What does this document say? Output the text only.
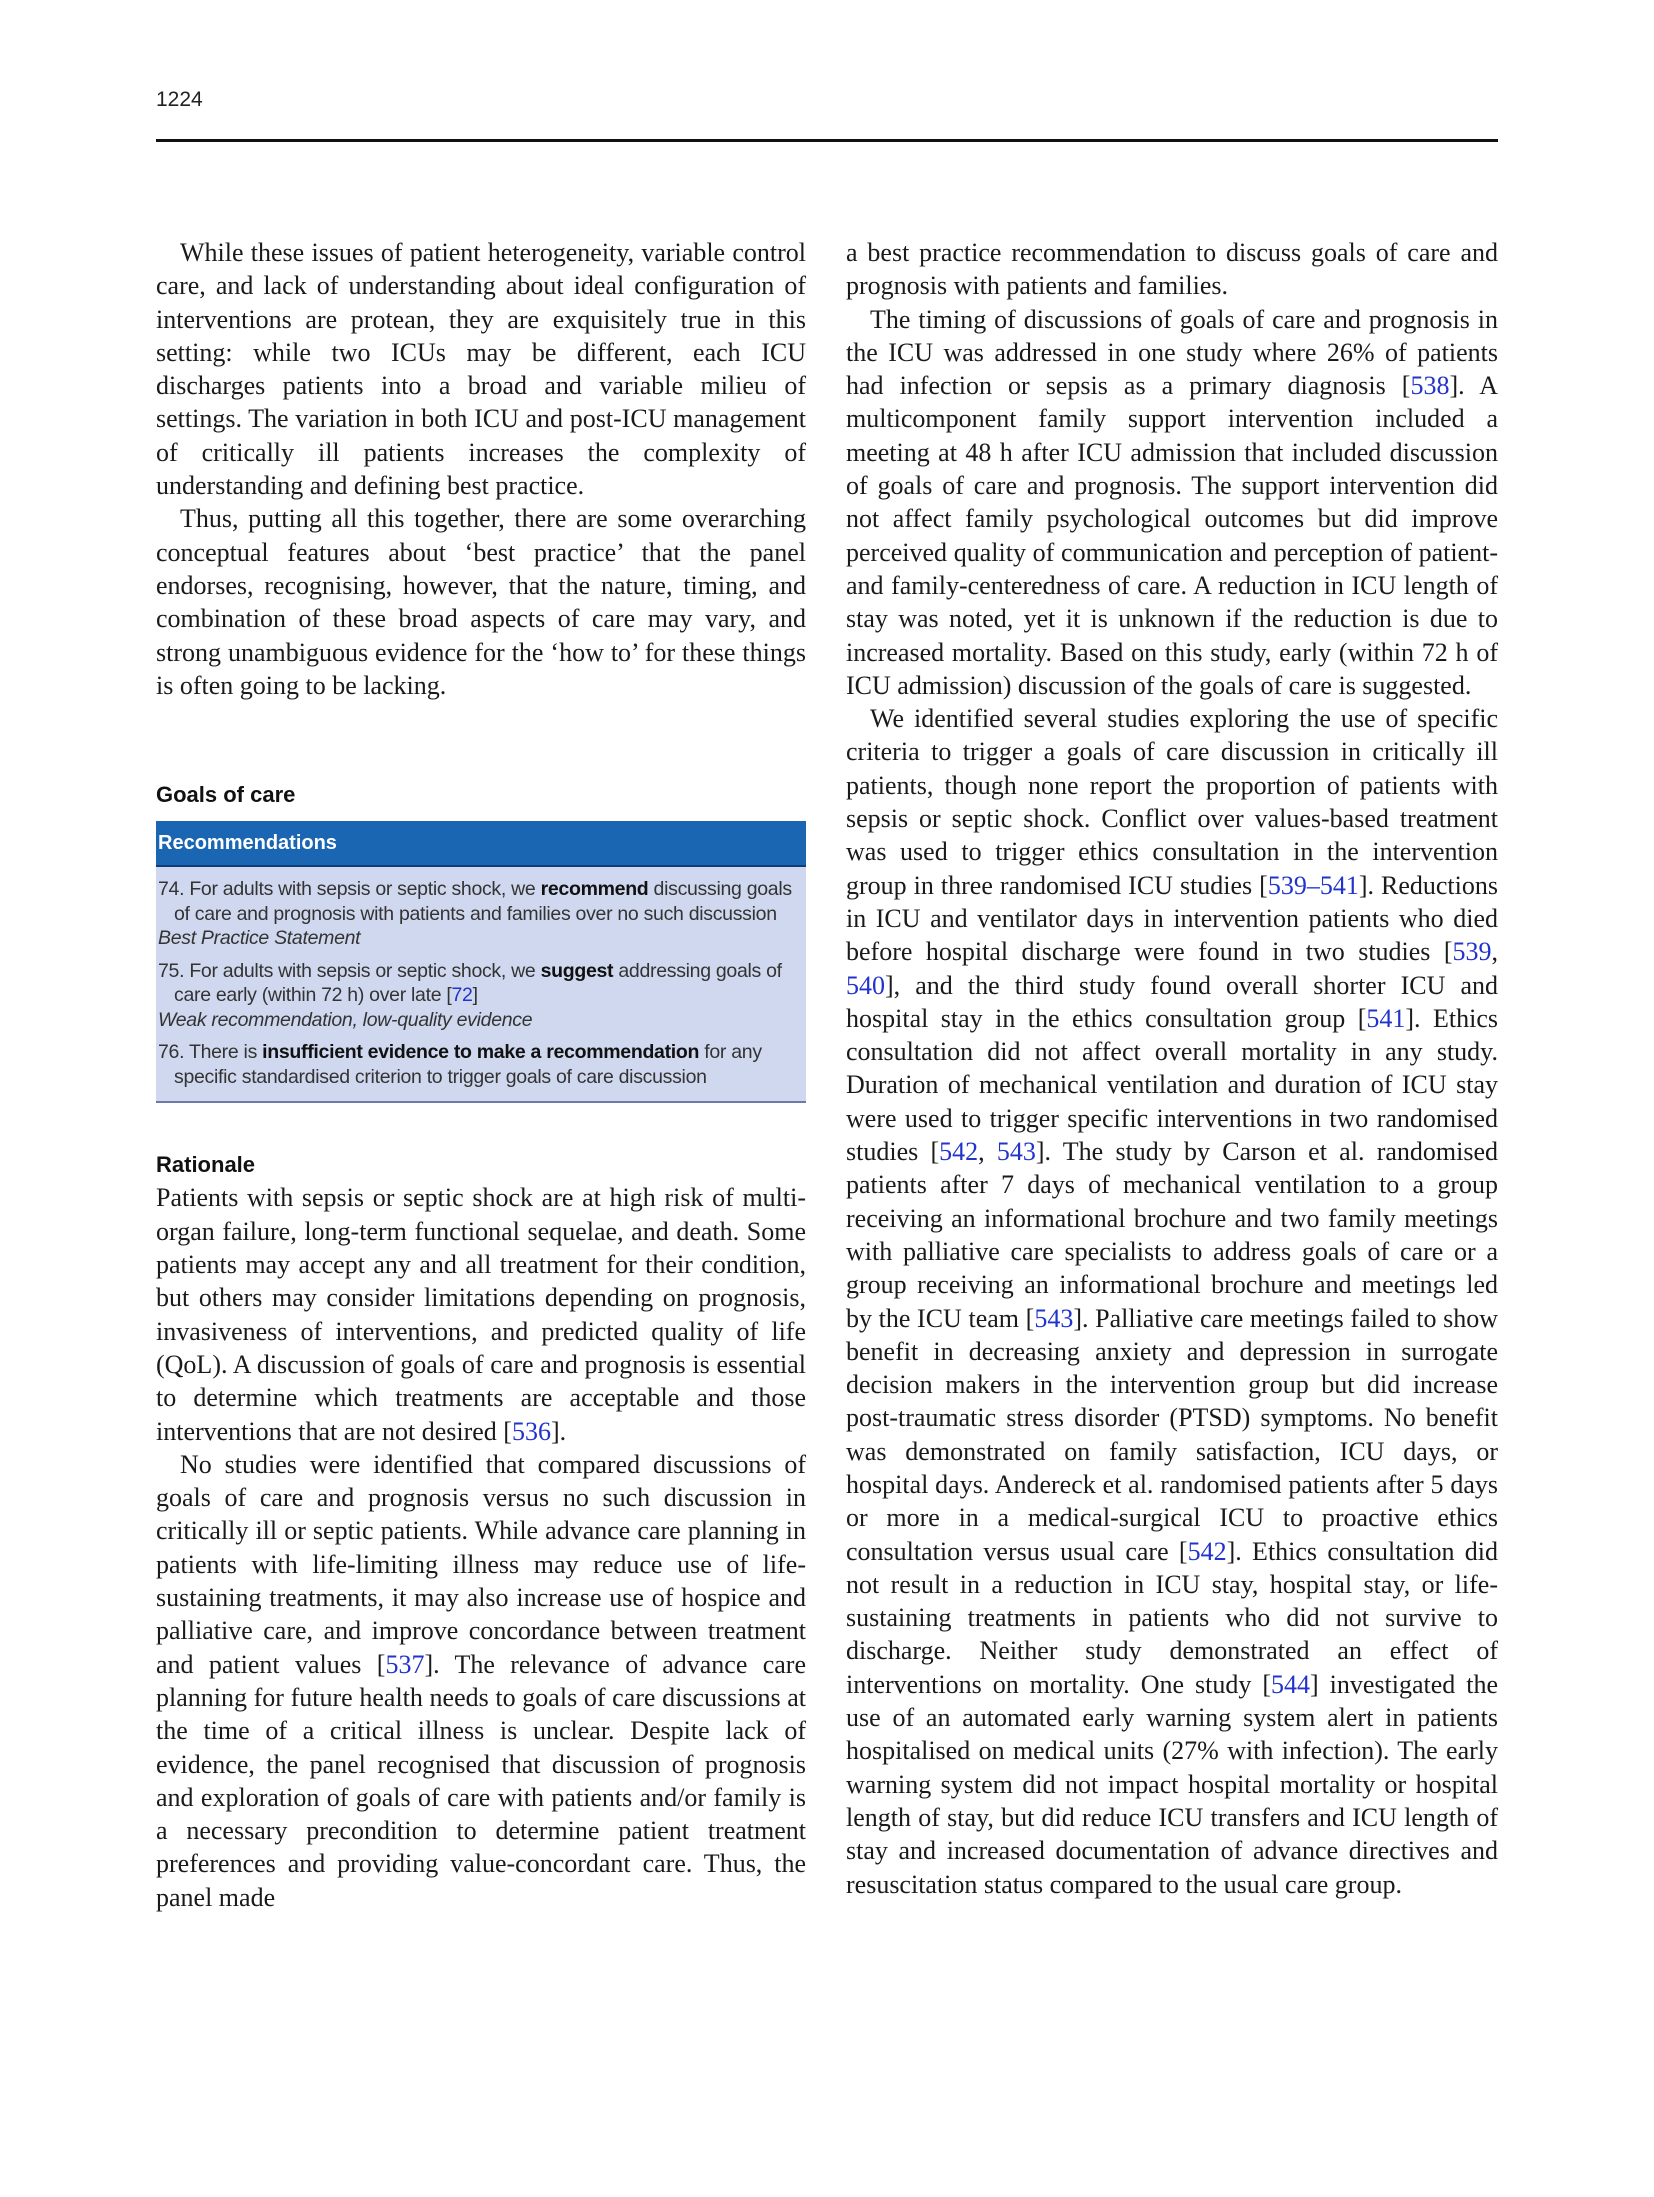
1224

While these issues of patient heterogeneity, variable control care, and lack of understanding about ideal configuration of interventions are protean, they are exquisitely true in this setting: while two ICUs may be different, each ICU discharges patients into a broad and variable milieu of settings. The variation in both ICU and post-ICU management of critically ill patients increases the complexity of understanding and defining best practice.

Thus, putting all this together, there are some overarching conceptual features about ‘best practice’ that the panel endorses, recognising, however, that the nature, timing, and combination of these broad aspects of care may vary, and strong unambiguous evidence for the ‘how to’ for these things is often going to be lacking.

Goals of care
Recommendations
74. For adults with sepsis or septic shock, we recommend discussing goals of care and prognosis with patients and families over no such discussion
Best Practice Statement
75. For adults with sepsis or septic shock, we suggest addressing goals of care early (within 72 h) over late [72]
Weak recommendation, low-quality evidence
76. There is insufficient evidence to make a recommendation for any specific standardised criterion to trigger goals of care discussion
Rationale

Patients with sepsis or septic shock are at high risk of multi-organ failure, long-term functional sequelae, and death. Some patients may accept any and all treatment for their condition, but others may consider limitations depending on prognosis, invasiveness of interventions, and predicted quality of life (QoL). A discussion of goals of care and prognosis is essential to determine which treatments are acceptable and those interventions that are not desired [536].

No studies were identified that compared discussions of goals of care and prognosis versus no such discussion in critically ill or septic patients. While advance care planning in patients with life-limiting illness may reduce use of life-sustaining treatments, it may also increase use of hospice and palliative care, and improve concordance between treatment and patient values [537]. The relevance of advance care planning for future health needs to goals of care discussions at the time of a critical illness is unclear. Despite lack of evidence, the panel recognised that discussion of prognosis and exploration of goals of care with patients and/or family is a necessary precondition to determine patient treatment preferences and providing value-concordant care. Thus, the panel made

a best practice recommendation to discuss goals of care and prognosis with patients and families.

The timing of discussions of goals of care and prognosis in the ICU was addressed in one study where 26% of patients had infection or sepsis as a primary diagnosis [538]. A multicomponent family support intervention included a meeting at 48 h after ICU admission that included discussion of goals of care and prognosis. The support intervention did not affect family psychological outcomes but did improve perceived quality of communication and perception of patient- and family-centeredness of care. A reduction in ICU length of stay was noted, yet it is unknown if the reduction is due to increased mortality. Based on this study, early (within 72 h of ICU admission) discussion of the goals of care is suggested.

We identified several studies exploring the use of specific criteria to trigger a goals of care discussion in critically ill patients, though none report the proportion of patients with sepsis or septic shock. Conflict over values-based treatment was used to trigger ethics consultation in the intervention group in three randomised ICU studies [539–541]. Reductions in ICU and ventilator days in intervention patients who died before hospital discharge were found in two studies [539, 540], and the third study found overall shorter ICU and hospital stay in the ethics consultation group [541]. Ethics consultation did not affect overall mortality in any study. Duration of mechanical ventilation and duration of ICU stay were used to trigger specific interventions in two randomised studies [542, 543]. The study by Carson et al. randomised patients after 7 days of mechanical ventilation to a group receiving an informational brochure and two family meetings with palliative care specialists to address goals of care or a group receiving an informational brochure and meetings led by the ICU team [543]. Palliative care meetings failed to show benefit in decreasing anxiety and depression in surrogate decision makers in the intervention group but did increase post-traumatic stress disorder (PTSD) symptoms. No benefit was demonstrated on family satisfaction, ICU days, or hospital days. Andereck et al. randomised patients after 5 days or more in a medical-surgical ICU to proactive ethics consultation versus usual care [542]. Ethics consultation did not result in a reduction in ICU stay, hospital stay, or life-sustaining treatments in patients who did not survive to discharge. Neither study demonstrated an effect of interventions on mortality. One study [544] investigated the use of an automated early warning system alert in patients hospitalised on medical units (27% with infection). The early warning system did not impact hospital mortality or hospital length of stay, but did reduce ICU transfers and ICU length of stay and increased documentation of advance directives and resuscitation status compared to the usual care group.
